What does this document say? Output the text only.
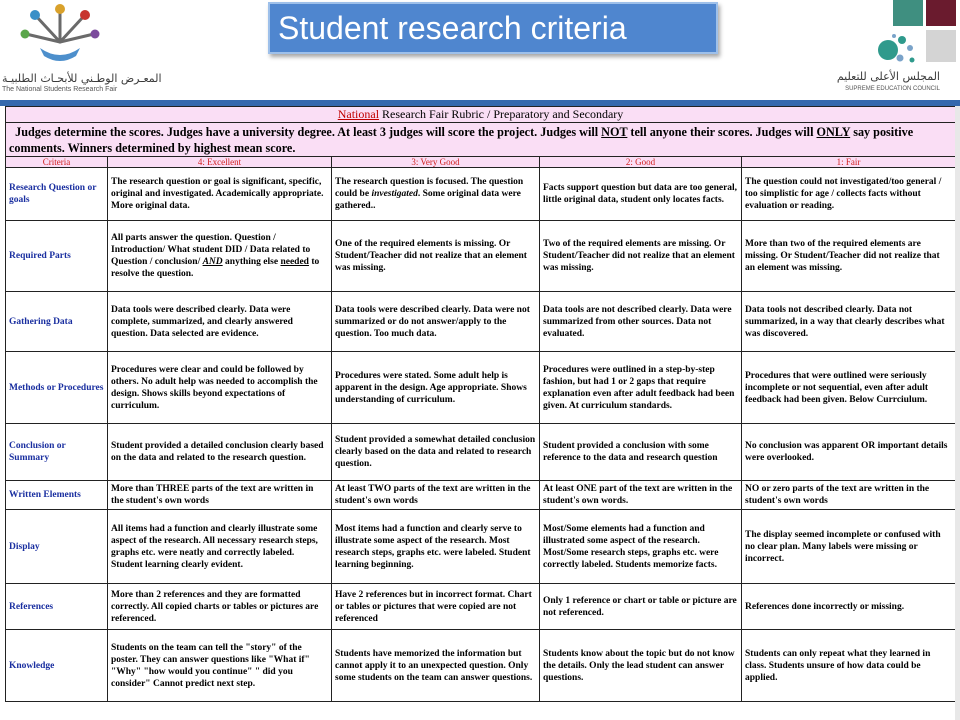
المعـرض الوطـني للأبحـاث الطلبيـة
The National Students Research Fair
Student research criteria
المجلس الأعلى للتعليم
SUPREME EDUCATION COUNCIL
National Research Fair Rubric / Preparatory and Secondary				
Judges determine the scores. Judges have a university degree. At least 3 judges will score the project. Judges will NOT tell anyone their scores. Judges will ONLY say positive comments. Winners determined by highest mean score.				
Criteria	4: Excellent	3: Very Good	2: Good	1: Fair
Research Question or goals	The research question or goal is significant, specific, original and investigated. Academically appropriate. More original data.	The research question is focused. The question could be investigated. Some original data were gathered..	Facts support question but data are too general, little original data, student only locates facts.	The question could not investigated/too general / too simplistic for age / collects facts without evaluation or reading.
Required Parts	All parts answer the question. Question / Introduction/ What student DID / Data related to Question / conclusion/ AND anything else needed to resolve the question.	One of the required elements is missing. Or Student/Teacher did not realize that an element was missing.	Two of the required elements are missing. Or Student/Teacher did not realize that an element was missing.	More than two of the required elements are missing. Or Student/Teacher did not realize that an element was missing.
Gathering Data	Data tools were described clearly. Data were complete, summarized, and clearly answered question. Data selected are evidence.	Data tools were described clearly. Data were not summarized or do not answer/apply to the question. Too much data.	Data tools are not described clearly. Data were summarized from other sources. Data not evaluated.	Data tools not described clearly. Data not summarized, in a way that clearly describes what was discovered.
Methods or Procedures	Procedures were clear and could be followed by others. No adult help was needed to accomplish the design. Shows skills beyond expectations of curriculum.	Procedures were stated. Some adult help is apparent in the design. Age appropriate. Shows understanding of curriculum.	Procedures were outlined in a step-by-step fashion, but had 1 or 2 gaps that require explanation even after adult feedback had been given. At curriculum standards.	Procedures that were outlined were seriously incomplete or not sequential, even after adult feedback had been given. Below Currciulum.
Conclusion or Summary	Student provided a detailed conclusion clearly based on the data and related to the research question.	Student provided a somewhat detailed conclusion clearly based on the data and related to research question.	Student provided a conclusion with some reference to the data and research question	No conclusion was apparent OR important details were overlooked.
Written Elements	More than THREE parts of the text are written in the student's own words	At least TWO parts of the text are written in the student's own words	At least ONE part of the text are written in the student's own words.	NO or zero parts of the text are written in the student's own words
Display	All items had a function and clearly illustrate some aspect of the research. All necessary research steps, graphs etc. were neatly and correctly labeled. Student learning clearly evident.	Most items had a function and clearly serve to illustrate some aspect of the research. Most research steps, graphs etc. were labeled. Student learning beginning.	Most/Some elements had a function and illustrated some aspect of the research. Most/Some research steps, graphs etc. were correctly labeled. Students memorize facts.	The display seemed incomplete or confused with no clear plan. Many labels were missing or incorrect.
References	More than 2 references and they are formatted correctly. All copied charts or tables or pictures are referenced.	Have 2 references but in incorrect format. Chart or tables or pictures that were copied are not referenced	Only 1 reference or chart or table or picture are not referenced.	References done incorrectly or missing.
Knowledge	Students on the team can tell the "story" of the poster. They can answer questions like "What if" "Why" "how would you continue" " did you consider" Cannot predict next step.	Students have memorized the information but cannot apply it to an unexpected question. Only some students on the team can answer questions.	Students know about the topic but do not know the details. Only the lead student can answer questions.	Students can only repeat what they learned in class. Students unsure of how data could be applied.
